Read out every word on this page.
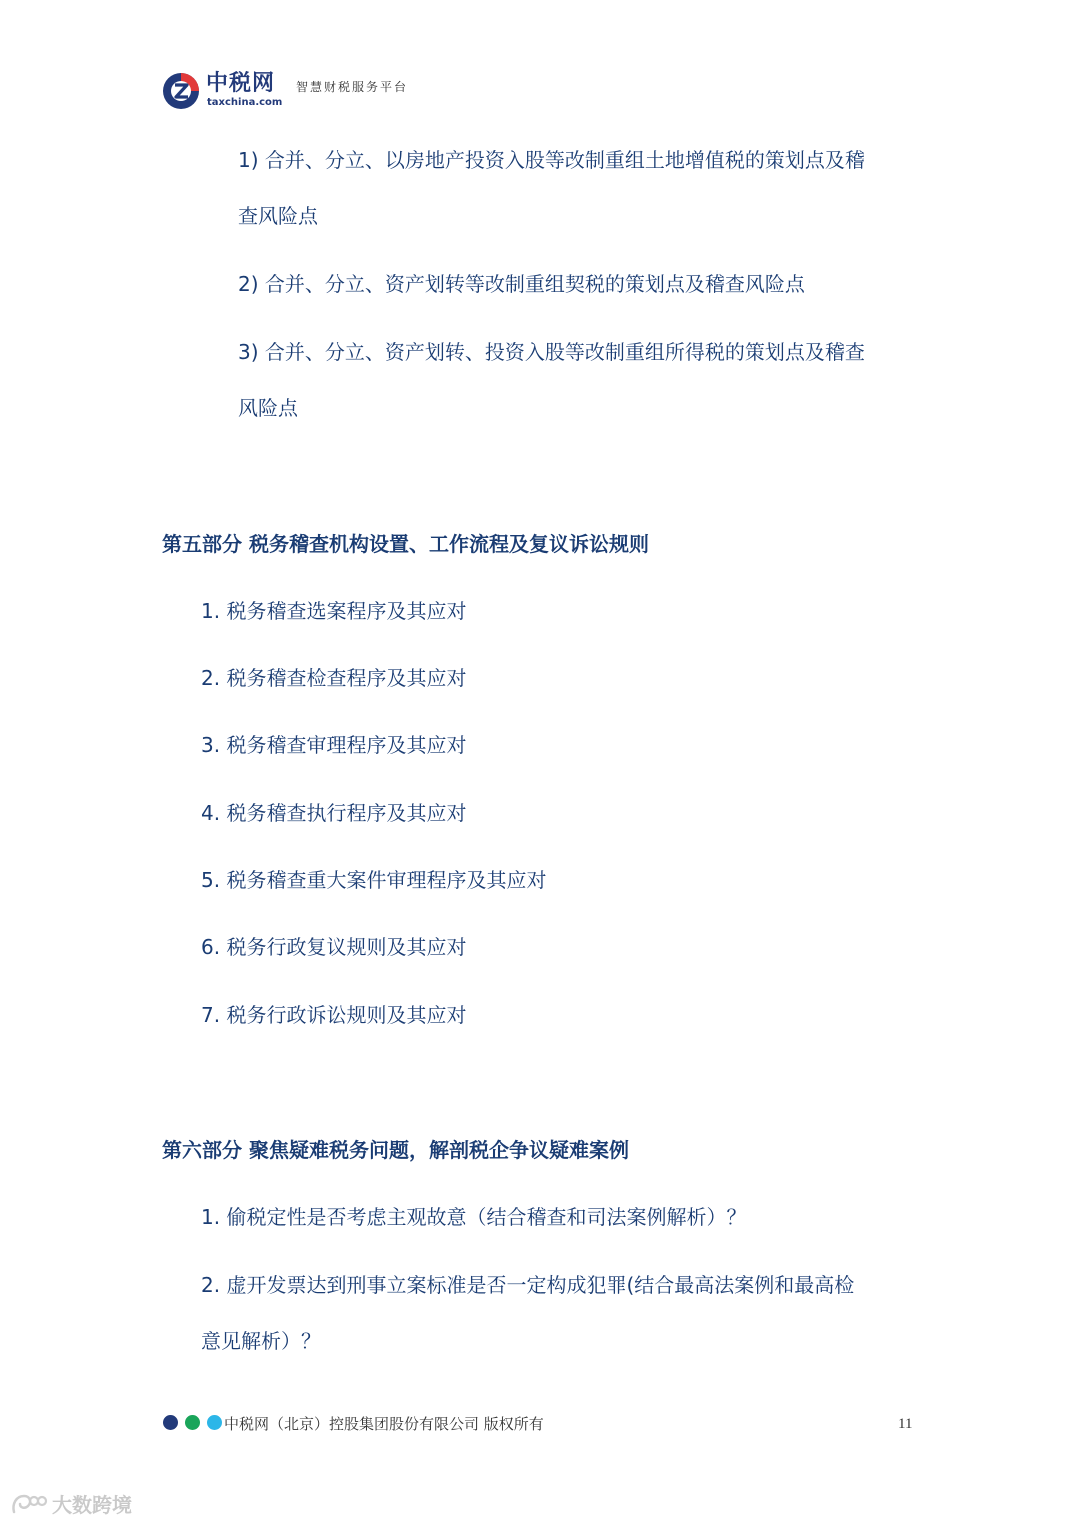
中税网
taxchina.com
智慧财税服务平台
1) 合并、分立、以房地产投资入股等改制重组土地增值税的策划点及稽
查风险点
2) 合并、分立、资产划转等改制重组契税的策划点及稽查风险点
3) 合并、分立、资产划转、投资入股等改制重组所得税的策划点及稽查
风险点
第五部分 税务稽查机构设置、工作流程及复议诉讼规则
1. 税务稽查选案程序及其应对
2. 税务稽查检查程序及其应对
3. 税务稽查审理程序及其应对
4. 税务稽查执行程序及其应对
5. 税务稽查重大案件审理程序及其应对
6. 税务行政复议规则及其应对
7. 税务行政诉讼规则及其应对
第六部分 聚焦疑难税务问题，解剖税企争议疑难案例
1. 偷税定性是否考虑主观故意（结合稽查和司法案例解析）？
2. 虚开发票达到刑事立案标准是否一定构成犯罪(结合最高法案例和最高检
意见解析）？
中税网（北京）控股集团股份有限公司 版权所有	11
大数跨境
